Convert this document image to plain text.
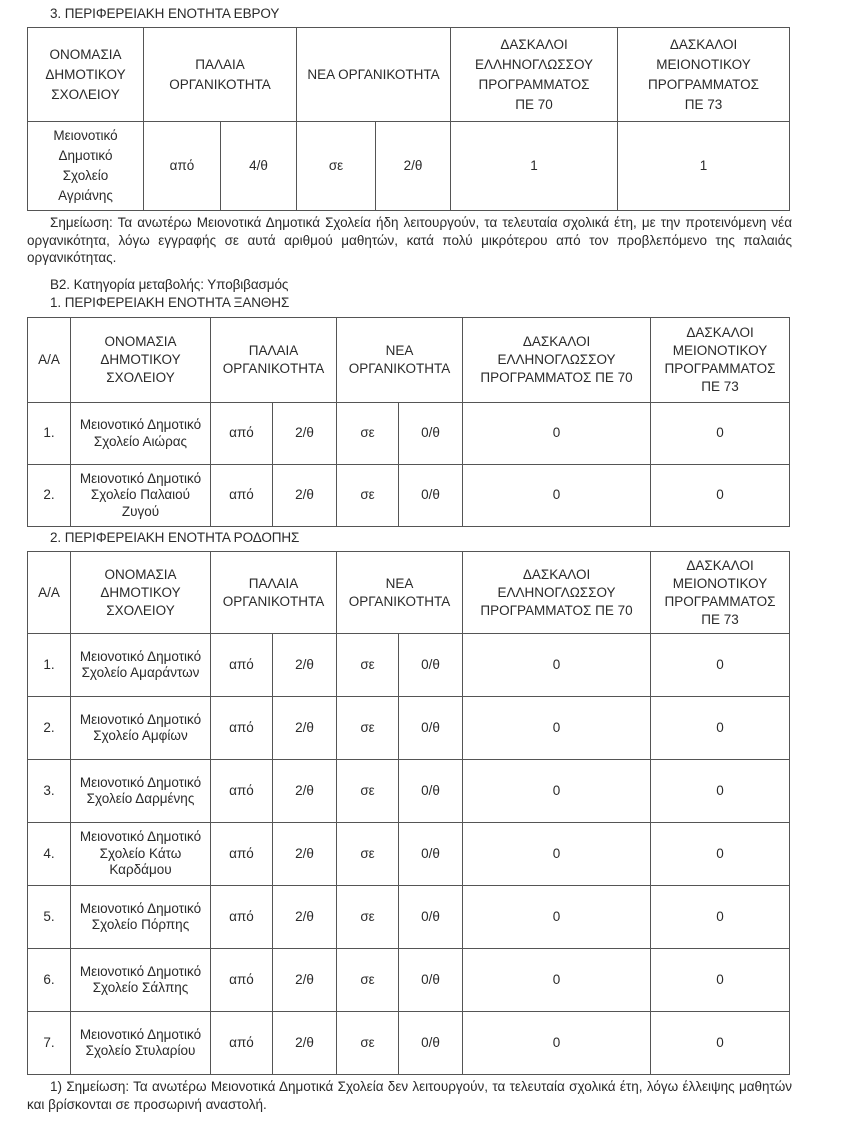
3. ΠΕΡΙΦΕΡΕΙΑΚΗ ΕΝΟΤΗΤΑ ΕΒΡΟΥ
ΟΝΟΜΑΣΙΑ ΔΗΜΟΤΙΚΟΥ ΣΧΟΛΕΙΟΥ	ΠΑΛΑΙΑ ΟΡΓΑΝΙΚΟΤΗΤΑ		ΝΕΑ ΟΡΓΑΝΙΚΟΤΗΤΑ		ΔΑΣΚΑΛΟΙ ΕΛΛΗΝΟΓΛΩΣΣΟΥ ΠΡΟΓΡΑΜΜΑΤΟΣ ΠΕ 70	ΔΑΣΚΑΛΟΙ ΜΕΙΟΝΟΤΙΚΟΥ ΠΡΟΓΡΑΜΜΑΤΟΣ ΠΕ 73
Μειονοτικό Δημοτικό Σχολείο Αγριάνης	από	4/θ	σε	2/θ	1	1
Σημείωση: Τα ανωτέρω Μειονοτικά Δημοτικά Σχολεία ήδη λειτουργούν, τα τελευταία σχολικά έτη, με την προτεινόμενη νέα οργανικότητα, λόγω εγγραφής σε αυτά αριθμού μαθητών, κατά πολύ μικρότερου από τον προβλεπόμενο της παλαιάς οργανικότητας.
Β2. Κατηγορία μεταβολής: Υποβιβασμός
1. ΠΕΡΙΦΕΡΕΙΑΚΗ ΕΝΟΤΗΤΑ ΞΑΝΘΗΣ
Α/Α	ΟΝΟΜΑΣΙΑ ΔΗΜΟΤΙΚΟΥ ΣΧΟΛΕΙΟΥ	ΠΑΛΑΙΑ ΟΡΓΑΝΙΚΟΤΗΤΑ		ΝΕΑ ΟΡΓΑΝΙΚΟΤΗΤΑ		ΔΑΣΚΑΛΟΙ ΕΛΛΗΝΟΓΛΩΣΣΟΥ ΠΡΟΓΡΑΜΜΑΤΟΣ ΠΕ 70	ΔΑΣΚΑΛΟΙ ΜΕΙΟΝΟΤΙΚΟΥ ΠΡΟΓΡΑΜΜΑΤΟΣ ΠΕ 73
1.	Μειονοτικό Δημοτικό Σχολείο Αιώρας	από	2/θ	σε	0/θ	0	0
2.	Μειονοτικό Δημοτικό Σχολείο Παλαιού Ζυγού	από	2/θ	σε	0/θ	0	0
2. ΠΕΡΙΦΕΡΕΙΑΚΗ ΕΝΟΤΗΤΑ ΡΟΔΟΠΗΣ
Α/Α	ΟΝΟΜΑΣΙΑ ΔΗΜΟΤΙΚΟΥ ΣΧΟΛΕΙΟΥ	ΠΑΛΑΙΑ ΟΡΓΑΝΙΚΟΤΗΤΑ		ΝΕΑ ΟΡΓΑΝΙΚΟΤΗΤΑ		ΔΑΣΚΑΛΟΙ ΕΛΛΗΝΟΓΛΩΣΣΟΥ ΠΡΟΓΡΑΜΜΑΤΟΣ ΠΕ 70	ΔΑΣΚΑΛΟΙ ΜΕΙΟΝΟΤΙΚΟΥ ΠΡΟΓΡΑΜΜΑΤΟΣ ΠΕ 73
1.	Μειονοτικό Δημοτικό Σχολείο Αμαράντων	από	2/θ	σε	0/θ	0	0
2.	Μειονοτικό Δημοτικό Σχολείο Αμφίων	από	2/θ	σε	0/θ	0	0
3.	Μειονοτικό Δημοτικό Σχολείο Δαρμένης	από	2/θ	σε	0/θ	0	0
4.	Μειονοτικό Δημοτικό Σχολείο Κάτω Καρδάμου	από	2/θ	σε	0/θ	0	0
5.	Μειονοτικό Δημοτικό Σχολείο Πόρπης	από	2/θ	σε	0/θ	0	0
6.	Μειονοτικό Δημοτικό Σχολείο Σάλπης	από	2/θ	σε	0/θ	0	0
7.	Μειονοτικό Δημοτικό Σχολείο Στυλαρίου	από	2/θ	σε	0/θ	0	0
1) Σημείωση: Τα ανωτέρω Μειονοτικά Δημοτικά Σχολεία δεν λειτουργούν, τα τελευταία σχολικά έτη, λόγω έλλειψης μαθητών και βρίσκονται σε προσωρινή αναστολή.
